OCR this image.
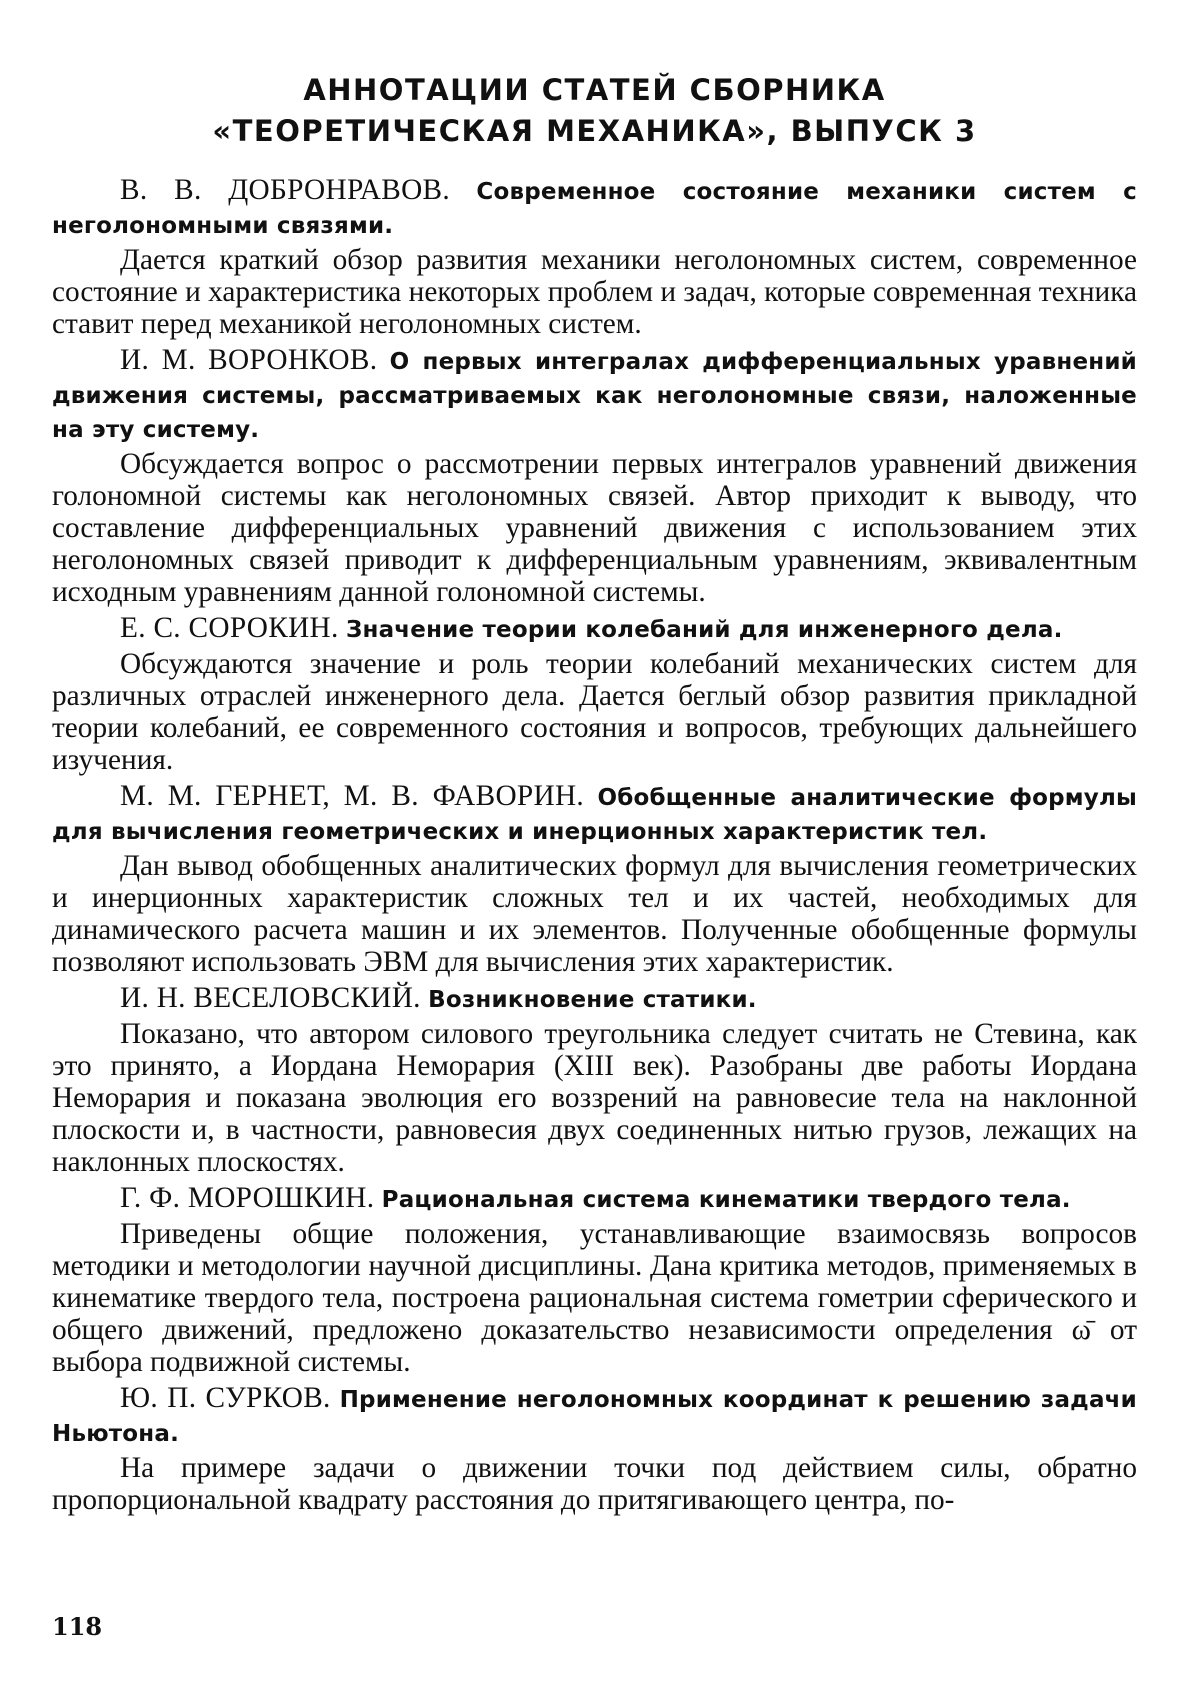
АННОТАЦИИ СТАТЕЙ СБОРНИКА
«ТЕОРЕТИЧЕСКАЯ МЕХАНИКА», ВЫПУСК 3

В. В. ДОБРОНРАВОВ. Современное состояние механики систем с неголономными связями.

Дается краткий обзор развития механики неголономных систем, современное состояние и характеристика некоторых проблем и задач, которые современная техника ставит перед механикой неголономных систем.

И. М. ВОРОНКОВ. О первых интегралах дифференциальных уравнений движения системы, рассматриваемых как неголономные связи, наложенные на эту систему.

Обсуждается вопрос о рассмотрении первых интегралов уравнений движения голономной системы как неголономных связей. Автор приходит к выводу, что составление дифференциальных уравнений движения с использованием этих неголономных связей приводит к дифференциальным уравнениям, эквивалентным исходным уравнениям данной голономной системы.

Е. С. СОРОКИН. Значение теории колебаний для инженерного дела.

Обсуждаются значение и роль теории колебаний механических систем для различных отраслей инженерного дела. Дается беглый обзор развития прикладной теории колебаний, ее современного состояния и вопросов, требующих дальнейшего изучения.

М. М. ГЕРНЕТ, М. В. ФАВОРИН. Обобщенные аналитические формулы для вычисления геометрических и инерционных характеристик тел.

Дан вывод обобщенных аналитических формул для вычисления геометрических и инерционных характеристик сложных тел и их частей, необходимых для динамического расчета машин и их элементов. Полученные обобщенные формулы позволяют использовать ЭВМ для вычисления этих характеристик.

И. Н. ВЕСЕЛОВСКИЙ. Возникновение статики.

Показано, что автором силового треугольника следует считать не Стевина, как это принято, а Иордана Неморария (XIII век). Разобраны две работы Иордана Неморария и показана эволюция его воззрений на равновесие тела на наклонной плоскости и, в частности, равновесия двух соединенных нитью грузов, лежащих на наклонных плоскостях.

Г. Ф. МОРОШКИН. Рациональная система кинематики твердого тела.

Приведены общие положения, устанавливающие взаимосвязь вопросов методики и методологии научной дисциплины. Дана критика методов, применяемых в кинематике твердого тела, построена рациональная система гометрии сферического и общего движений, предложено доказательство независимости определения ω̄ от выбора подвижной системы.

Ю. П. СУРКОВ. Применение неголономных координат к решению задачи Ньютона.

На примере задачи о движении точки под действием силы, обратно пропорциональной квадрату расстояния до притягивающего центра, по-

118
